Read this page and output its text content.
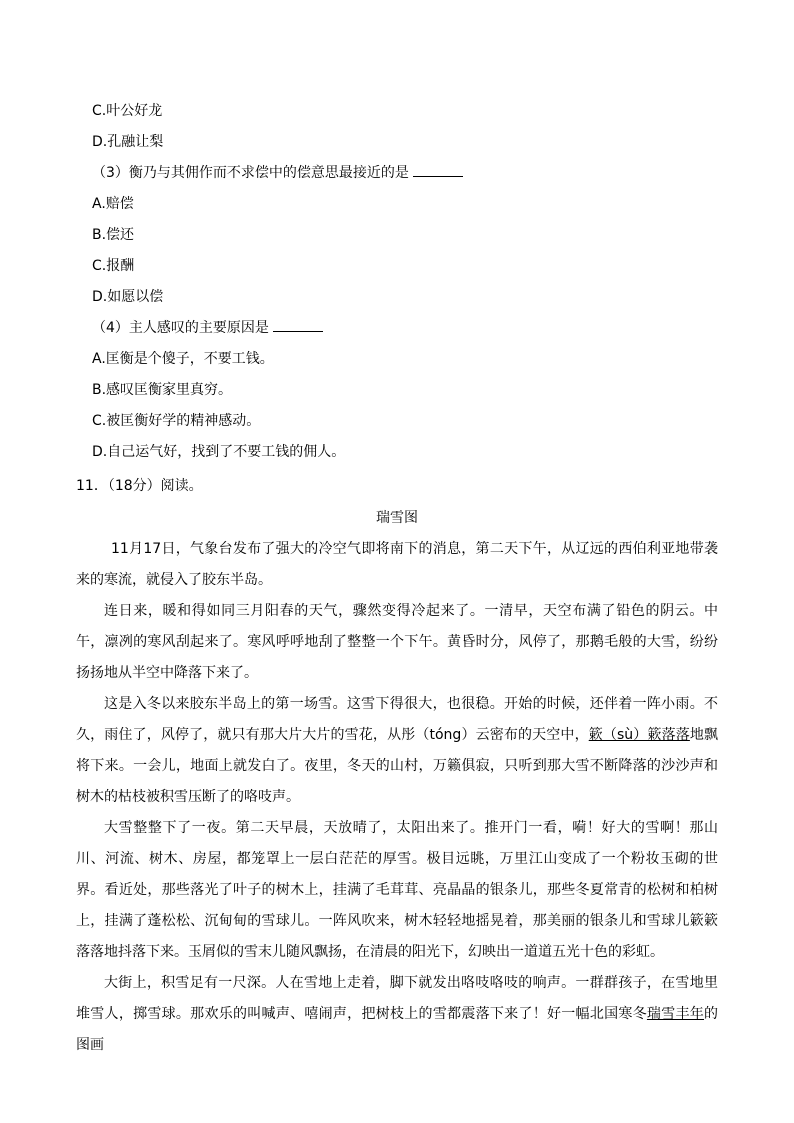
C.叶公好龙
D.孔融让梨
（3）衡乃与其佣作而不求偿中的偿意思最接近的是
A.赔偿
B.偿还
C.报酬
D.如愿以偿
（4）主人感叹的主要原因是
A.匡衡是个傻子，不要工钱。
B.感叹匡衡家里真穷。
C.被匡衡好学的精神感动。
D.自己运气好，找到了不要工钱的佣人。
11．（18分）阅读。
瑞雪图

11月17日，气象台发布了强大的冷空气即将南下的消息，第二天下午，从辽远的西伯利亚地带袭来的寒流，就侵入了胶东半岛。

连日来，暖和得如同三月阳春的天气，骤然变得冷起来了。一清早，天空布满了铅色的阴云。中午，凛冽的寒风刮起来了。寒风呼呼地刮了整整一个下午。黄昏时分，风停了，那鹅毛般的大雪，纷纷扬扬地从半空中降落下来了。

这是入冬以来胶东半岛上的第一场雪。这雪下得很大，也很稳。开始的时候，还伴着一阵小雨。不久，雨住了，风停了，就只有那大片大片的雪花，从彤（tóng）云密布的天空中，簌（sù）簌落落地飘将下来。一会儿，地面上就发白了。夜里，冬天的山村，万籁俱寂，只听到那大雪不断降落的沙沙声和树木的枯枝被积雪压断了的咯吱声。

大雪整整下了一夜。第二天早晨，天放晴了，太阳出来了。推开门一看，嗬！好大的雪啊！那山川、河流、树木、房屋，都笼罩上一层白茫茫的厚雪。极目远眺，万里江山变成了一个粉妆玉砌的世界。看近处，那些落光了叶子的树木上，挂满了毛茸茸、亮晶晶的银条儿，那些冬夏常青的松树和柏树上，挂满了蓬松松、沉甸甸的雪球儿。一阵风吹来，树木轻轻地摇晃着，那美丽的银条儿和雪球儿簌簌落落地抖落下来。玉屑似的雪末儿随风飘扬，在清晨的阳光下，幻映出一道道五光十色的彩虹。

大街上，积雪足有一尺深。人在雪地上走着，脚下就发出咯吱咯吱的响声。一群群孩子，在雪地里堆雪人，掷雪球。那欢乐的叫喊声、嘻闹声，把树枝上的雪都震落下来了！好一幅北国寒冬瑞雪丰年的图画
